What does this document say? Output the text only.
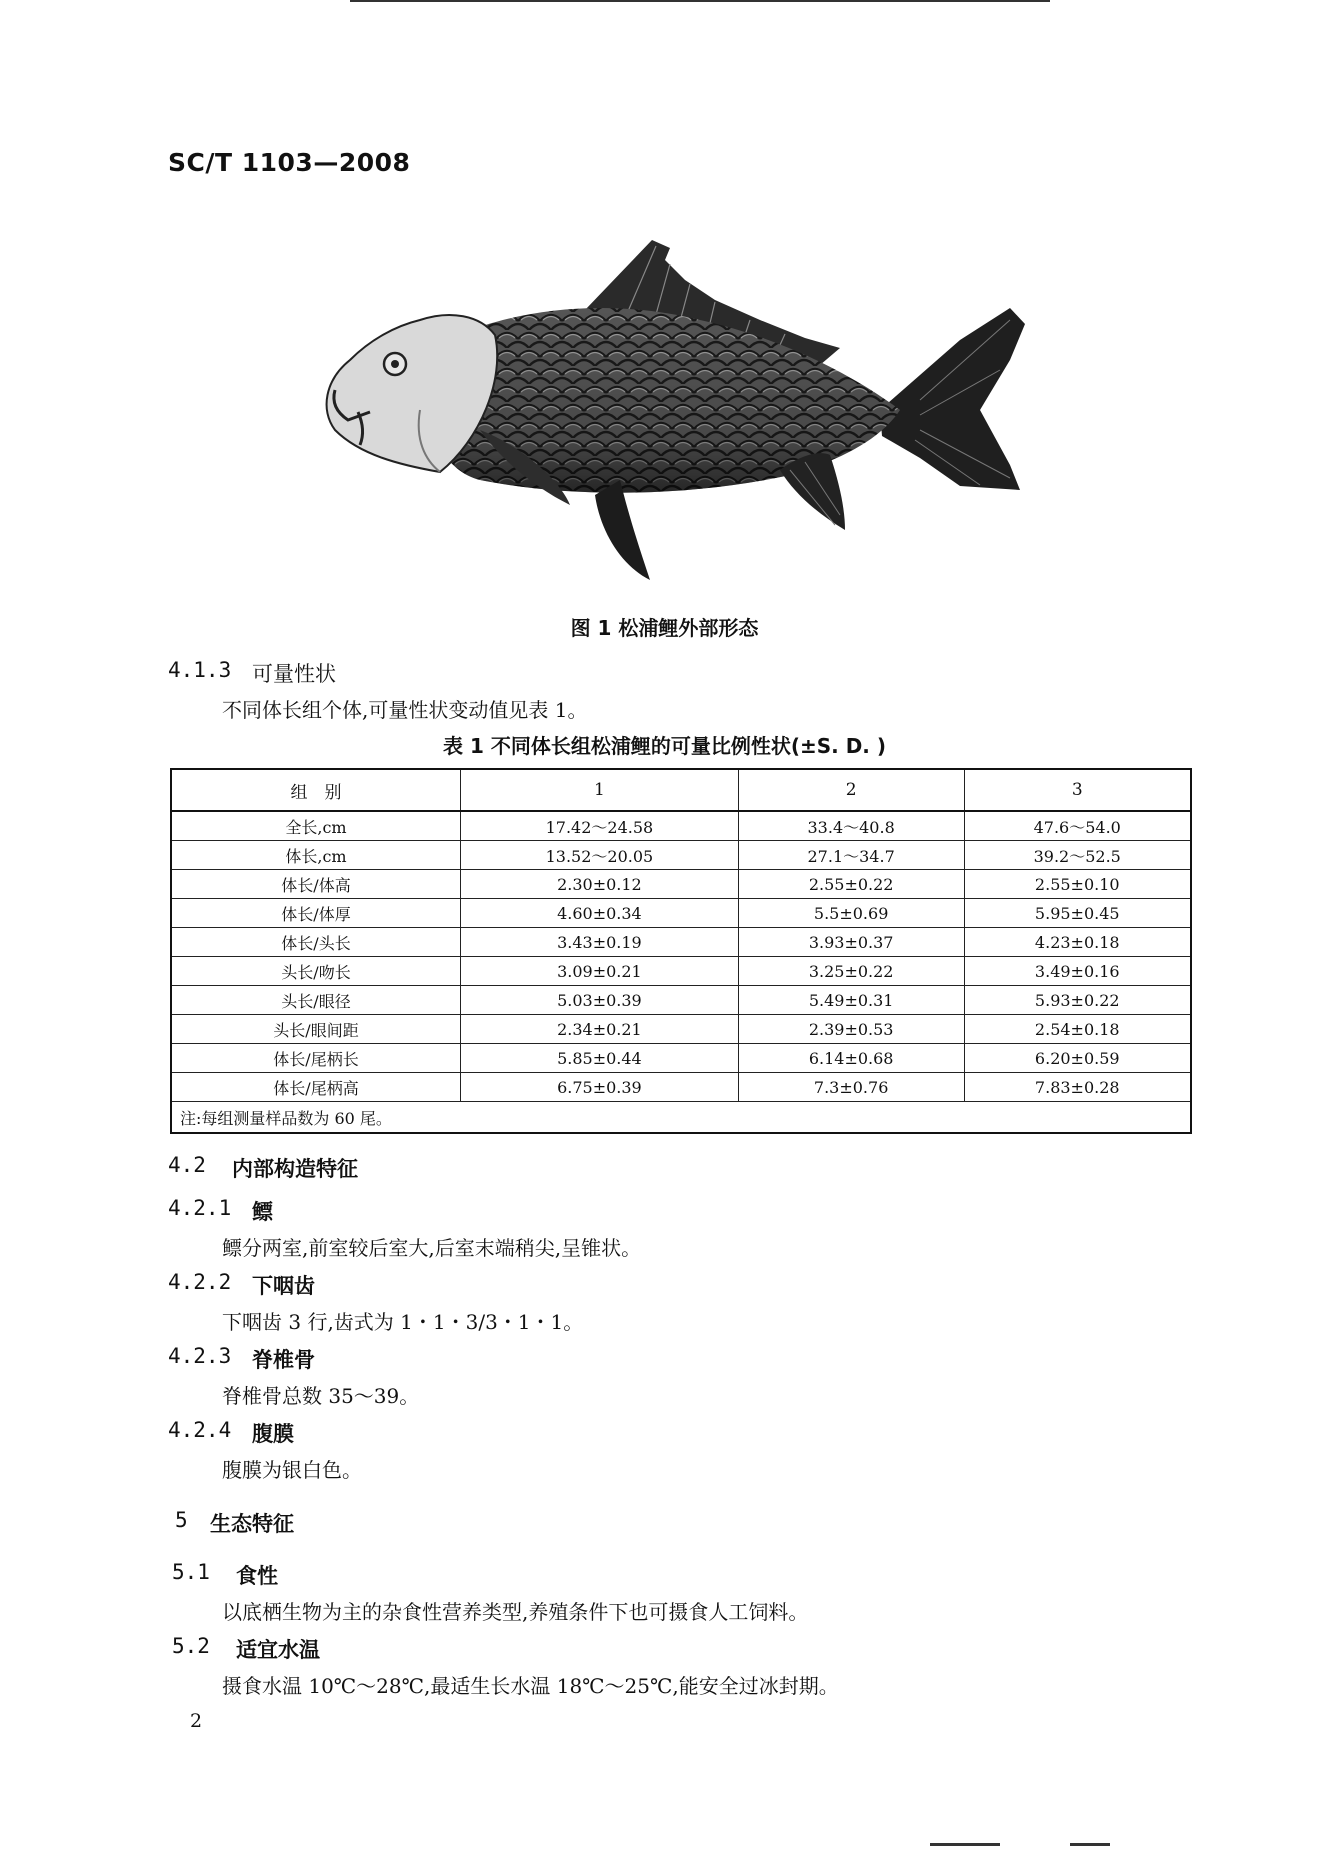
SC/T 1103—2008
图 1 松浦鲤外部形态
4.1.3 可量性状
不同体长组个体,可量性状变动值见表 1。
表 1 不同体长组松浦鲤的可量比例性状(±S. D. )
组　别	1	2	3
全长,cm	17.42～24.58	33.4～40.8	47.6～54.0
体长,cm	13.52～20.05	27.1～34.7	39.2～52.5
体长/体高	2.30±0.12	2.55±0.22	2.55±0.10
体长/体厚	4.60±0.34	5.5±0.69	5.95±0.45
体长/头长	3.43±0.19	3.93±0.37	4.23±0.18
头长/吻长	3.09±0.21	3.25±0.22	3.49±0.16
头长/眼径	5.03±0.39	5.49±0.31	5.93±0.22
头长/眼间距	2.34±0.21	2.39±0.53	2.54±0.18
体长/尾柄长	5.85±0.44	6.14±0.68	6.20±0.59
体长/尾柄高	6.75±0.39	7.3±0.76	7.83±0.28
注:每组测量样品数为 60 尾。			
4.2 内部构造特征
4.2.1 鳔
鳔分两室,前室较后室大,后室末端稍尖,呈锥状。
4.2.2 下咽齿
下咽齿 3 行,齿式为 1・1・3/3・1・1。
4.2.3 脊椎骨
脊椎骨总数 35～39。
4.2.4 腹膜
腹膜为银白色。
5 生态特征
5.1 食性
以底栖生物为主的杂食性营养类型,养殖条件下也可摄食人工饲料。
5.2 适宜水温
摄食水温 10℃～28℃,最适生长水温 18℃～25℃,能安全过冰封期。
2
